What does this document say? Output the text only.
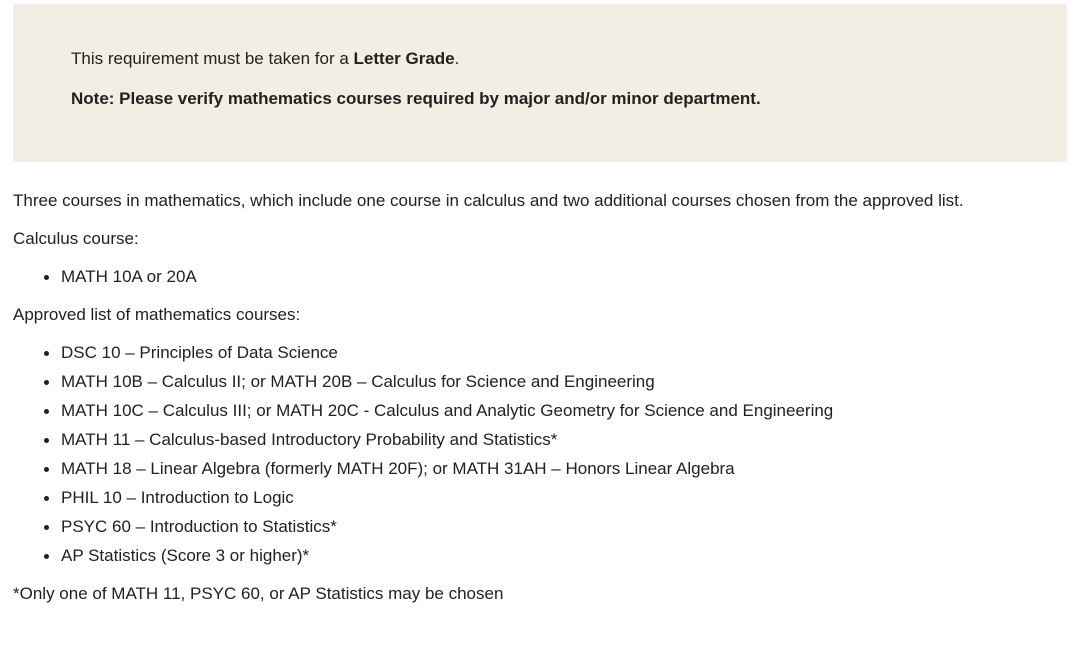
This requirement must be taken for a Letter Grade.

Note: Please verify mathematics courses required by major and/or minor department.

Three courses in mathematics, which include one course in calculus and two additional courses chosen from the approved list.

Calculus course:

MATH 10A or 20A

Approved list of mathematics courses:

DSC 10 – Principles of Data Science
MATH 10B – Calculus II; or MATH 20B – Calculus for Science and Engineering
MATH 10C – Calculus III; or MATH 20C - Calculus and Analytic Geometry for Science and Engineering
MATH 11 – Calculus-based Introductory Probability and Statistics*
MATH 18 – Linear Algebra (formerly MATH 20F); or MATH 31AH – Honors Linear Algebra
PHIL 10 – Introduction to Logic
PSYC 60 – Introduction to Statistics*
AP Statistics (Score 3 or higher)*

*Only one of MATH 11, PSYC 60, or AP Statistics may be chosen
